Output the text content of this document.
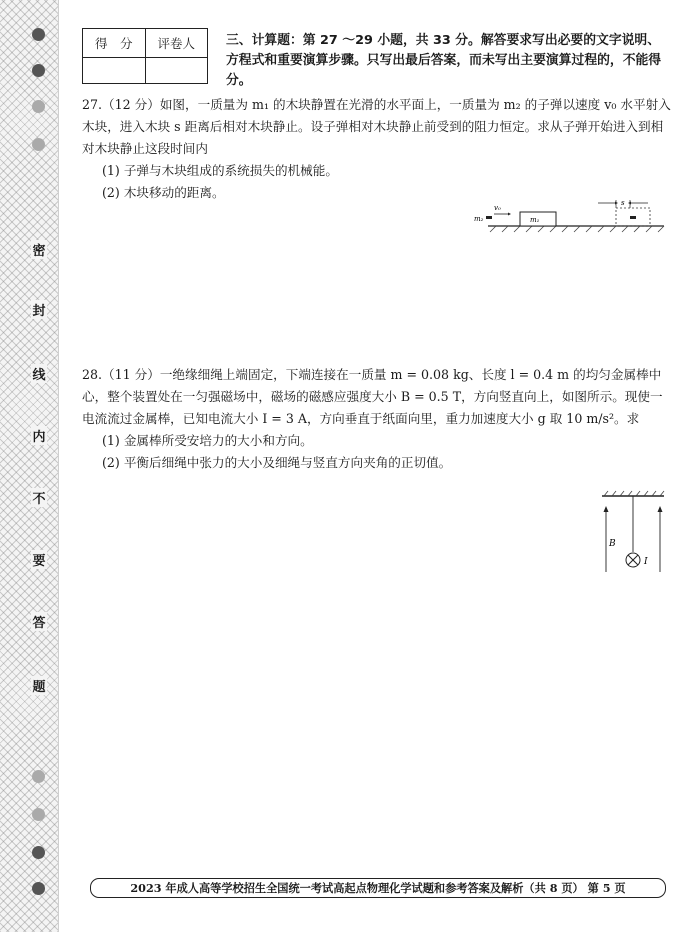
密
封
线
内
不
要
答
题
得　分	评卷人
	三、计算题：第 27 ～29 小题，共 33 分。解答要求写出必要的文字说明、方程式和重要演算步骤。只写出最后答案，而未写出主要演算过程的，不能得分。

27.（12 分）如图，一质量为 m₁ 的木块静置在光滑的水平面上，一质量为 m₂ 的子弹以速度 v₀ 水平射入木块，进入木块 s 距离后相对木块静止。设子弹相对木块静止前受到的阻力恒定。求从子弹开始进入到相对木块静止这段时间内

(1) 子弹与木块组成的系统损失的机械能。

(2) 木块移动的距离。

m₂
v₀
m₁
s

28.（11 分）一绝缘细绳上端固定，下端连接在一质量 m = 0.08 kg、长度 l = 0.4 m 的均匀金属棒中心，整个装置处在一匀强磁场中，磁场的磁感应强度大小 B = 0.5 T，方向竖直向上，如图所示。现使一电流流过金属棒，已知电流大小 I = 3 A，方向垂直于纸面向里，重力加速度大小 g 取 10 m/s²。求

(1) 金属棒所受安培力的大小和方向。

(2) 平衡后细绳中张力的大小及细绳与竖直方向夹角的正切值。

I
B
2023 年成人高等学校招生全国统一考试高起点物理化学试题和参考答案及解析（共 8 页） 第 5 页
